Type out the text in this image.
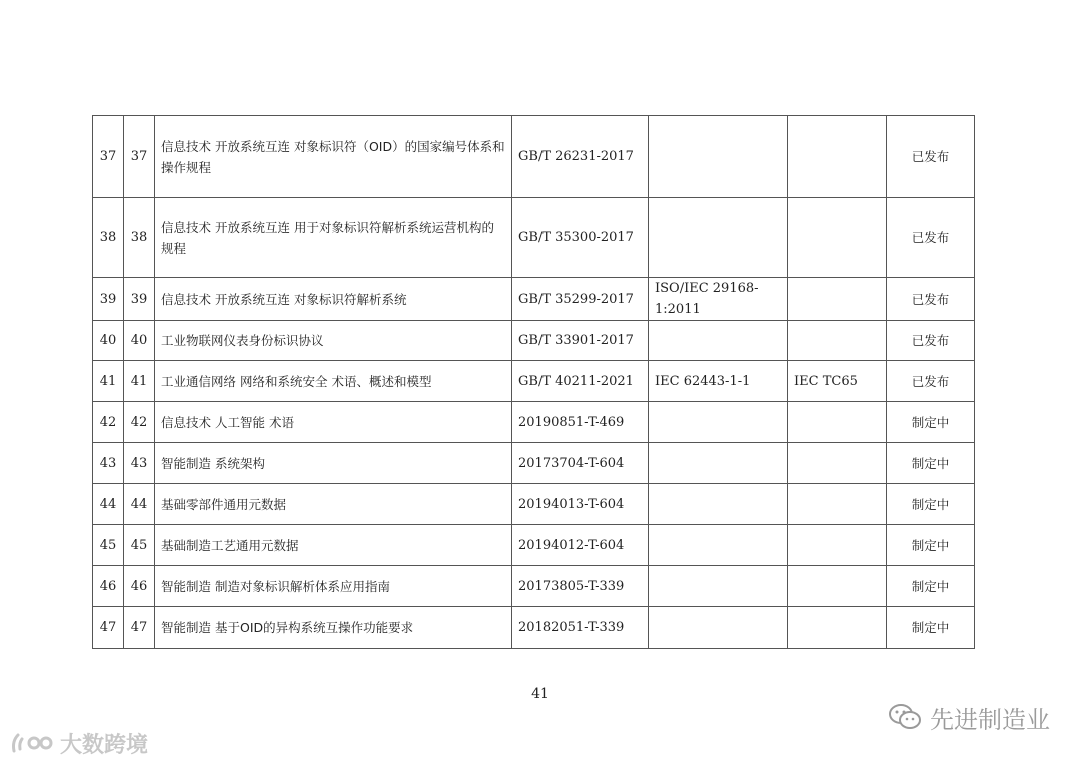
37	37	信息技术 开放系统互连 对象标识符（OID）的国家编号体系和操作规程	GB/T 26231-2017			已发布
38	38	信息技术 开放系统互连 用于对象标识符解析系统运营机构的规程	GB/T 35300-2017			已发布
39	39	信息技术 开放系统互连 对象标识符解析系统	GB/T 35299-2017	ISO/IEC 29168-1:2011		已发布
40	40	工业物联网仪表身份标识协议	GB/T 33901-2017			已发布
41	41	工业通信网络 网络和系统安全 术语、概述和模型	GB/T 40211-2021	IEC 62443-1-1	IEC TC65	已发布
42	42	信息技术 人工智能 术语	20190851-T-469			制定中
43	43	智能制造 系统架构	20173704-T-604			制定中
44	44	基础零部件通用元数据	20194013-T-604			制定中
45	45	基础制造工艺通用元数据	20194012-T-604			制定中
46	46	智能制造 制造对象标识解析体系应用指南	20173805-T-339			制定中
47	47	智能制造 基于OID的异构系统互操作功能要求	20182051-T-339			制定中
41
大数跨境
先进制造业
